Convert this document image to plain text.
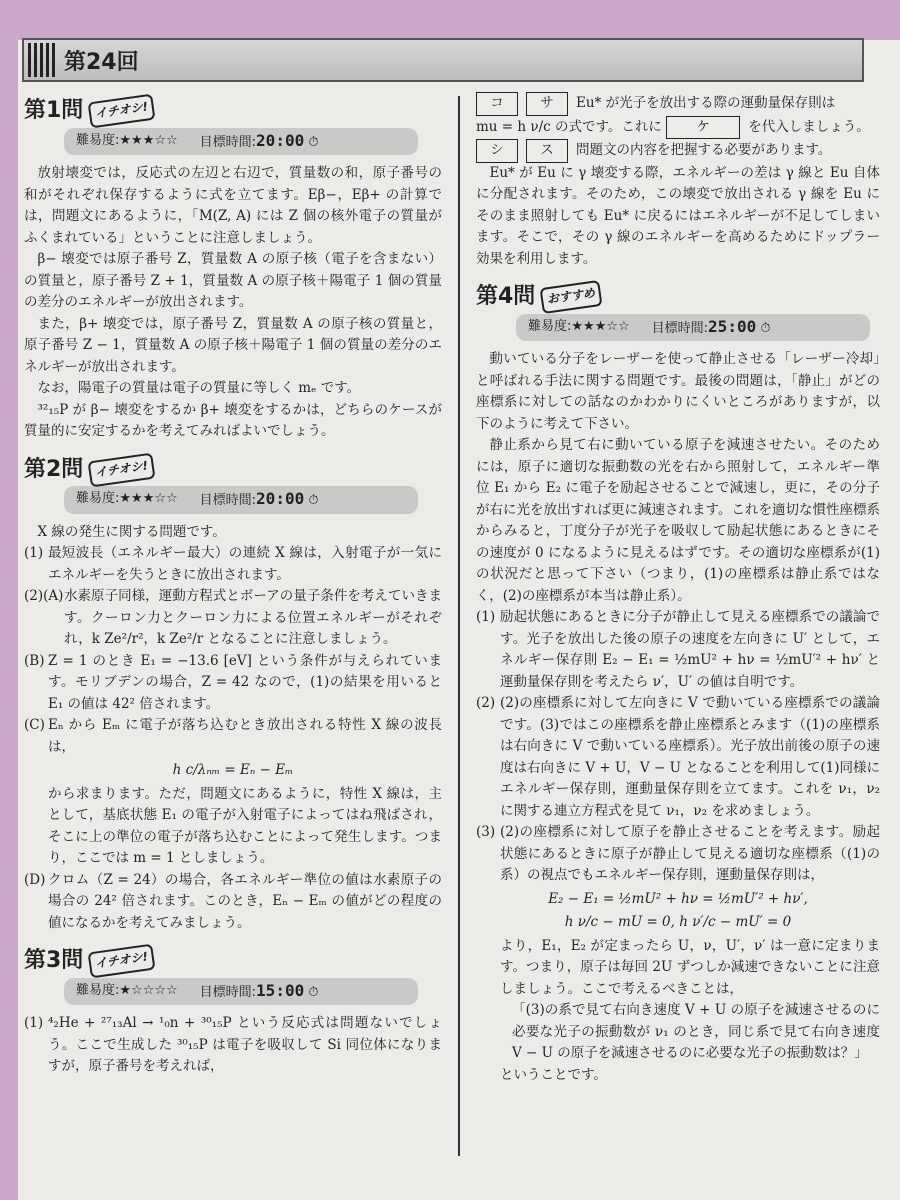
第24回
第1問 イチオシ!
難易度:★★★☆☆ 目標時間:20:00 ⏱

放射壊変では，反応式の左辺と右辺で，質量数の和，原子番号の和がそれぞれ保存するように式を立てます。Eβ−，Eβ+ の計算では，問題文にあるように，「M(Z, A) には Z 個の核外電子の質量がふくまれている」ということに注意しましょう。

β− 壊変では原子番号 Z，質量数 A の原子核（電子を含まない）の質量と，原子番号 Z + 1，質量数 A の原子核＋陽電子 1 個の質量の差分のエネルギーが放出されます。

また，β+ 壊変では，原子番号 Z，質量数 A の原子核の質量と，原子番号 Z − 1，質量数 A の原子核＋陽電子 1 個の質量の差分のエネルギーが放出されます。

なお，陽電子の質量は電子の質量に等しく mₑ です。

³²₁₅P が β− 壊変をするか β+ 壊変をするかは，どちらのケースが質量的に安定するかを考えてみればよいでしょう。

第2問 イチオシ!
難易度:★★★☆☆ 目標時間:20:00 ⏱

X 線の発生に関する問題です。

(1) 最短波長（エネルギー最大）の連続 X 線は，入射電子が一気にエネルギーを失うときに放出されます。
(2)(A) 水素原子同様，運動方程式とボーアの量子条件を考えていきます。クーロン力とクーロン力による位置エネルギーがそれぞれ，k Ze²/r²，k Ze²/r となることに注意しましょう。
(B) Z = 1 のとき E₁ = −13.6 [eV] という条件が与えられています。モリブデンの場合，Z = 42 なので，(1)の結果を用いると E₁ の値は 42² 倍されます。
(C) Eₙ から Eₘ に電子が落ち込むとき放出される特性 X 線の波長は，
h c/λₙₘ = Eₙ − Eₘ

から求まります。ただ，問題文にあるように，特性 X 線は，主として，基底状態 E₁ の電子が入射電子によってはね飛ばされ，そこに上の準位の電子が落ち込むことによって発生します。つまり，ここでは m = 1 としましょう。

(D) クロム（Z = 24）の場合，各エネルギー準位の値は水素原子の場合の 24² 倍されます。このとき，Eₙ − Eₘ の値がどの程度の値になるかを考えてみましょう。
第3問 イチオシ!
難易度:★☆☆☆☆ 目標時間:15:00 ⏱
(1) ⁴₂He + ²⁷₁₃Al → ¹₀n + ³⁰₁₅P という反応式は問題ないでしょう。ここで生成した ³⁰₁₅P は電子を吸収して Si 同位体になりますが，原子番号を考えれば，
コ	サ Eu* が光子を放出する際の運動量保存則は
mu = h ν/c の式です。これに	ケ	を代入しましょう。
シ	ス 問題文の内容を把握する必要があります。

Eu* が Eu に γ 壊変する際，エネルギーの差は γ 線と Eu 自体に分配されます。そのため，この壊変で放出される γ 線を Eu にそのまま照射しても Eu* に戻るにはエネルギーが不足してしまいます。そこで，その γ 線のエネルギーを高めるためにドップラー効果を利用します。

第4問 おすすめ
難易度:★★★☆☆ 目標時間:25:00 ⏱

動いている分子をレーザーを使って静止させる「レーザー冷却」と呼ばれる手法に関する問題です。最後の問題は，「静止」がどの座標系に対しての話なのかわかりにくいところがありますが，以下のように考えて下さい。

静止系から見て右に動いている原子を減速させたい。そのためには，原子に適切な振動数の光を右から照射して，エネルギー準位 E₁ から E₂ に電子を励起させることで減速し，更に，その分子が右に光を放出すれば更に減速されます。これを適切な慣性座標系からみると，丁度分子が光子を吸収して励起状態にあるときにその速度が 0 になるように見えるはずです。その適切な座標系が(1)の状況だと思って下さい（つまり，(1)の座標系は静止系ではなく，(2)の座標系が本当は静止系）。

(1) 励起状態にあるときに分子が静止して見える座標系での議論です。光子を放出した後の原子の速度を左向きに U′ として，エネルギー保存則 E₂ − E₁ = ½mU² + hν = ½mU′² + hν′ と運動量保存則を考えたら ν′，U′ の値は自明です。
(2) (2)の座標系に対して左向きに V で動いている座標系での議論です。(3)ではこの座標系を静止座標系とみます（(1)の座標系は右向きに V で動いている座標系）。光子放出前後の原子の速度は右向きに V + U，V − U となることを利用して(1)同様にエネルギー保存則，運動量保存則を立てます。これを ν₁，ν₂ に関する連立方程式を見て ν₁，ν₂ を求めましょう。
(3) (2)の座標系に対して原子を静止させることを考えます。励起状態にあるときに原子が静止して見える適切な座標系（(1)の系）の視点でもエネルギー保存則，運動量保存則は，
E₂ − E₁ = ½mU² + hν = ½mU′² + hν′,
h ν/c − mU = 0, h ν′/c − mU′ = 0

より，E₁，E₂ が定まったら U，ν，U′，ν′ は一意に定まります。つまり，原子は毎回 2U ずつしか減速できないことに注意しましょう。ここで考えるべきことは，

「(3)の系で見て右向き速度 V + U の原子を減速させるのに必要な光子の振動数が ν₁ のとき，同じ系で見て右向き速度 V − U の原子を減速させるのに必要な光子の振動数は？」

ということです。
